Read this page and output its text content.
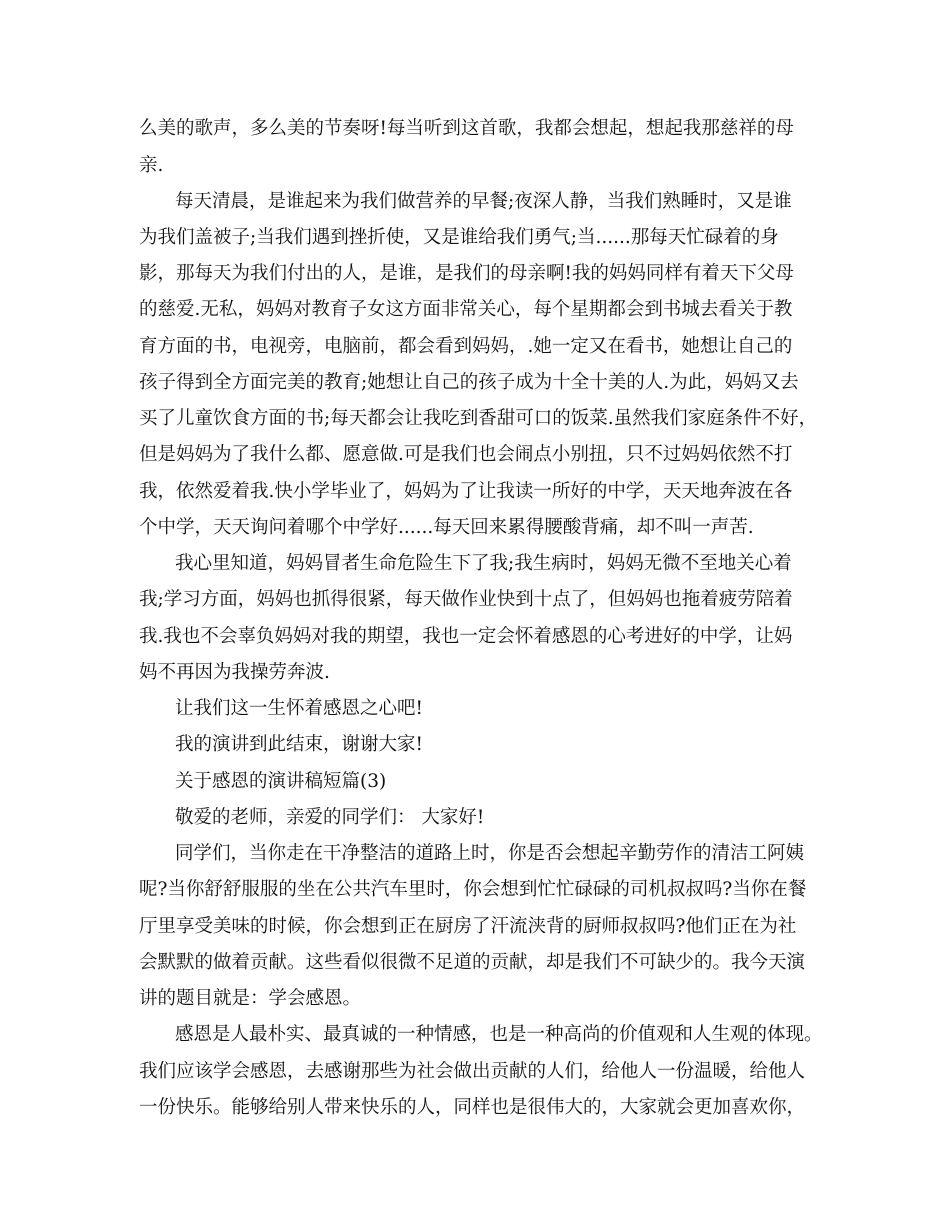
么美的歌声，多么美的节奏呀!每当听到这首歌，我都会想起，想起我那慈祥的母
亲.
每天清晨，是谁起来为我们做营养的早餐;夜深人静，当我们熟睡时，又是谁
为我们盖被子;当我们遇到挫折使，又是谁给我们勇气;当......那每天忙碌着的身
影，那每天为我们付出的人，是谁，是我们的母亲啊!我的妈妈同样有着天下父母
的慈爱.无私，妈妈对教育子女这方面非常关心，每个星期都会到书城去看关于教
育方面的书，电视旁，电脑前，都会看到妈妈，.她一定又在看书，她想让自己的
孩子得到全方面完美的教育;她想让自己的孩子成为十全十美的人.为此，妈妈又去
买了儿童饮食方面的书;每天都会让我吃到香甜可口的饭菜.虽然我们家庭条件不好，
但是妈妈为了我什么都、愿意做.可是我们也会闹点小别扭，只不过妈妈依然不打
我，依然爱着我.快小学毕业了，妈妈为了让我读一所好的中学，天天地奔波在各
个中学，天天询问着哪个中学好......每天回来累得腰酸背痛，却不叫一声苦.
我心里知道，妈妈冒者生命危险生下了我;我生病时，妈妈无微不至地关心着
我;学习方面，妈妈也抓得很紧，每天做作业快到十点了，但妈妈也拖着疲劳陪着
我.我也不会辜负妈妈对我的期望，我也一定会怀着感恩的心考进好的中学，让妈
妈不再因为我操劳奔波.
让我们这一生怀着感恩之心吧!
我的演讲到此结束，谢谢大家!
关于感恩的演讲稿短篇(3)
敬爱的老师，亲爱的同学们： 大家好!
同学们，当你走在干净整洁的道路上时，你是否会想起辛勤劳作的清洁工阿姨
呢?当你舒舒服服的坐在公共汽车里时，你会想到忙忙碌碌的司机叔叔吗?当你在餐
厅里享受美味的时候，你会想到正在厨房了汗流浃背的厨师叔叔吗?他们正在为社
会默默的做着贡献。这些看似很微不足道的贡献，却是我们不可缺少的。我今天演
讲的题目就是：学会感恩。
感恩是人最朴实、最真诚的一种情感，也是一种高尚的价值观和人生观的体现。
我们应该学会感恩，去感谢那些为社会做出贡献的人们，给他人一份温暖，给他人
一份快乐。能够给别人带来快乐的人，同样也是很伟大的，大家就会更加喜欢你，
